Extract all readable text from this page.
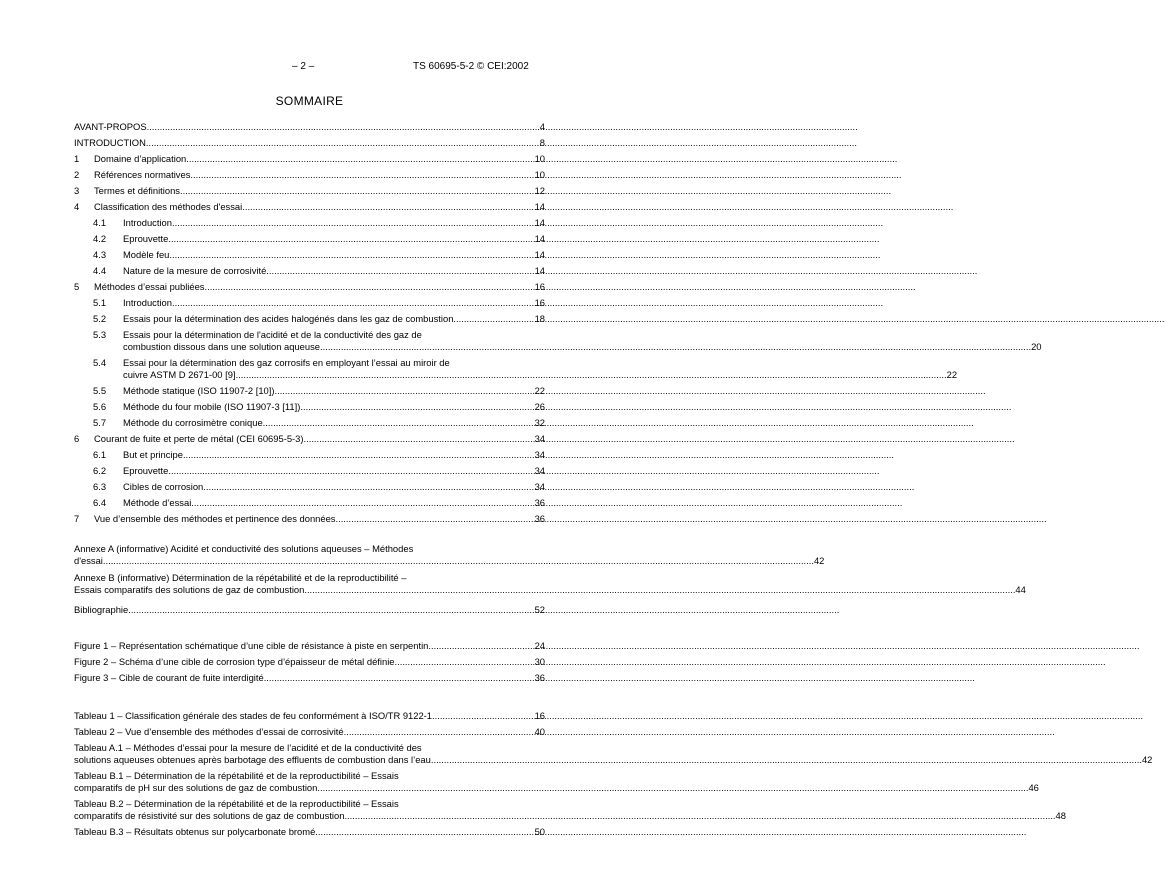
– 2 –	TS 60695-5-2 © CEI:2002
SOMMAIRE
AVANT-PROPOS .....	4
INTRODUCTION .....	8
1	Domaine d’application .....	10
2	Références normatives .....	10
3	Termes et définitions .....	12
4	Classification des méthodes d'essai .....	14
4.1	Introduction .....	14
4.2	Eprouvette .....	14
4.3	Modèle feu .....	14
4.4	Nature de la mesure de corrosivité .....	14
5	Méthodes d’essai publiées .....	16
5.1	Introduction .....	16
5.2	Essais pour la détermination des acides halogénés dans les gaz de combustion .....	18
5.3	Essais pour la détermination de l'acidité et de la conductivité des gaz de
combustion dissous dans une solution aqueuse .....	20
5.4	Essai pour la détermination des gaz corrosifs en employant l’essai au miroir de
cuivre ASTM D 2671-00 [9] .....	22
5.5	Méthode statique (ISO 11907-2 [10]) .....	22
5.6	Méthode du four mobile (ISO 11907-3 [11]) .....	26
5.7	Méthode du corrosimètre conique .....	32
6	Courant de fuite et perte de métal (CEI 60695-5-3) .....	34
6.1	But et principe .....	34
6.2	Eprouvette .....	34
6.3	Cibles de corrosion .....	34
6.4	Méthode d’essai .....	36
7	Vue d’ensemble des méthodes et pertinence des données .....	36
Annexe A (informative) Acidité et conductivité des solutions aqueuses – Méthodes
d'essai .....	42
Annexe B (informative) Détermination de la répétabilité et de la reproductibilité –
Essais comparatifs des solutions de gaz de combustion .....	44
Bibliographie .....	52
Figure 1 – Représentation schématique d’une cible de résistance à piste en serpentin .....	24
Figure 2 – Schéma d’une cible de corrosion type d’épaisseur de métal définie .....	30
Figure 3 – Cible de courant de fuite interdigité .....	36
Tableau 1 – Classification générale des stades de feu conformément à ISO/TR 9122-1 .....	16
Tableau 2 – Vue d’ensemble des méthodes d’essai de corrosivité .....	40
Tableau A.1 – Méthodes d’essai pour la mesure de l’acidité et de la conductivité des
solutions aqueuses obtenues après barbotage des effluents de combustion dans l’eau .....	42
Tableau B.1 – Détermination de la répétabilité et de la reproductibilité – Essais
comparatifs de pH sur des solutions de gaz de combustion .....	46
Tableau B.2 – Détermination de la répétabilité et de la reproductibilité – Essais
comparatifs de résistivité sur des solutions de gaz de combustion .....	48
Tableau B.3 – Résultats obtenus sur polycarbonate bromé .....	50
